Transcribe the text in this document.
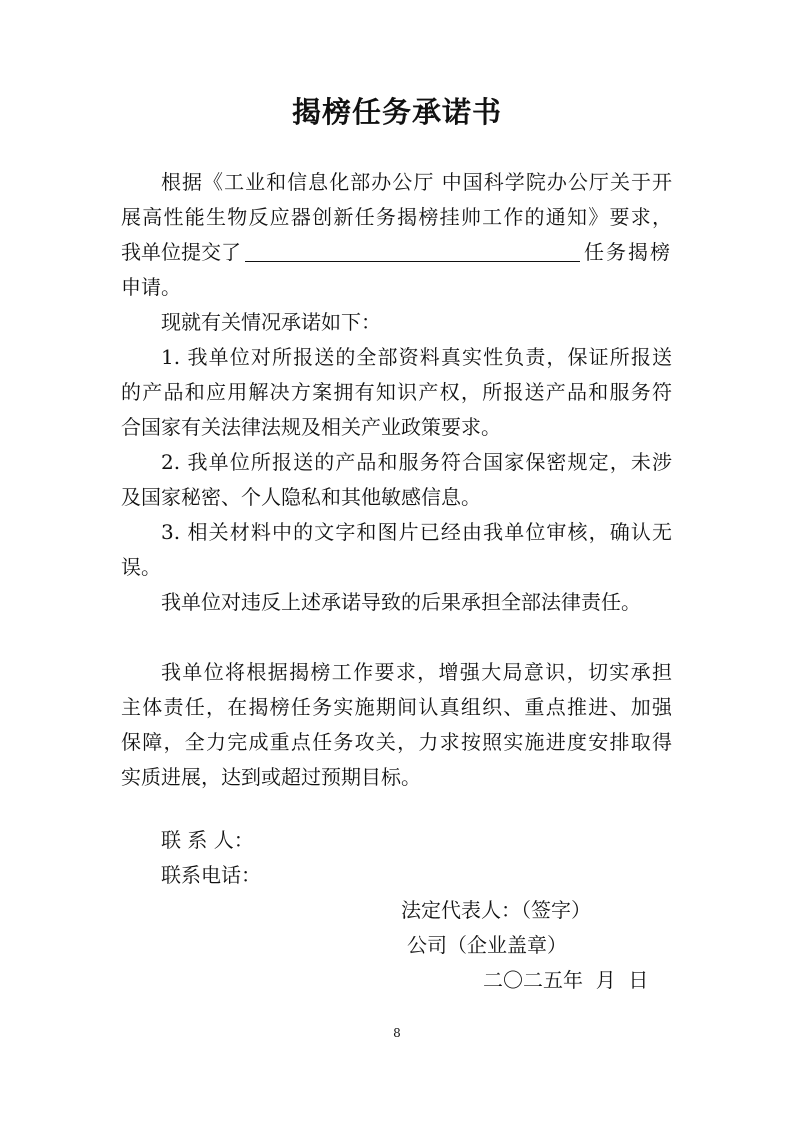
揭榜任务承诺书

根据《工业和信息化部办公厅 中国科学院办公厅关于开

展高性能生物反应器创新任务揭榜挂帅工作的通知》要求，

我单位提交了	任务揭榜

申请。

现就有关情况承诺如下：

1. 我单位对所报送的全部资料真实性负责，保证所报送

的产品和应用解决方案拥有知识产权，所报送产品和服务符

合国家有关法律法规及相关产业政策要求。

2. 我单位所报送的产品和服务符合国家保密规定，未涉

及国家秘密、个人隐私和其他敏感信息。

3. 相关材料中的文字和图片已经由我单位审核，确认无

误。

我单位对违反上述承诺导致的后果承担全部法律责任。

我单位将根据揭榜工作要求，增强大局意识，切实承担

主体责任，在揭榜任务实施期间认真组织、重点推进、加强

保障，全力完成重点任务攻关，力求按照实施进度安排取得

实质进展，达到或超过预期目标。

联 系 人：

联系电话：

法定代表人：（签字）

公司（企业盖章）

二〇二五年  月  日

8
